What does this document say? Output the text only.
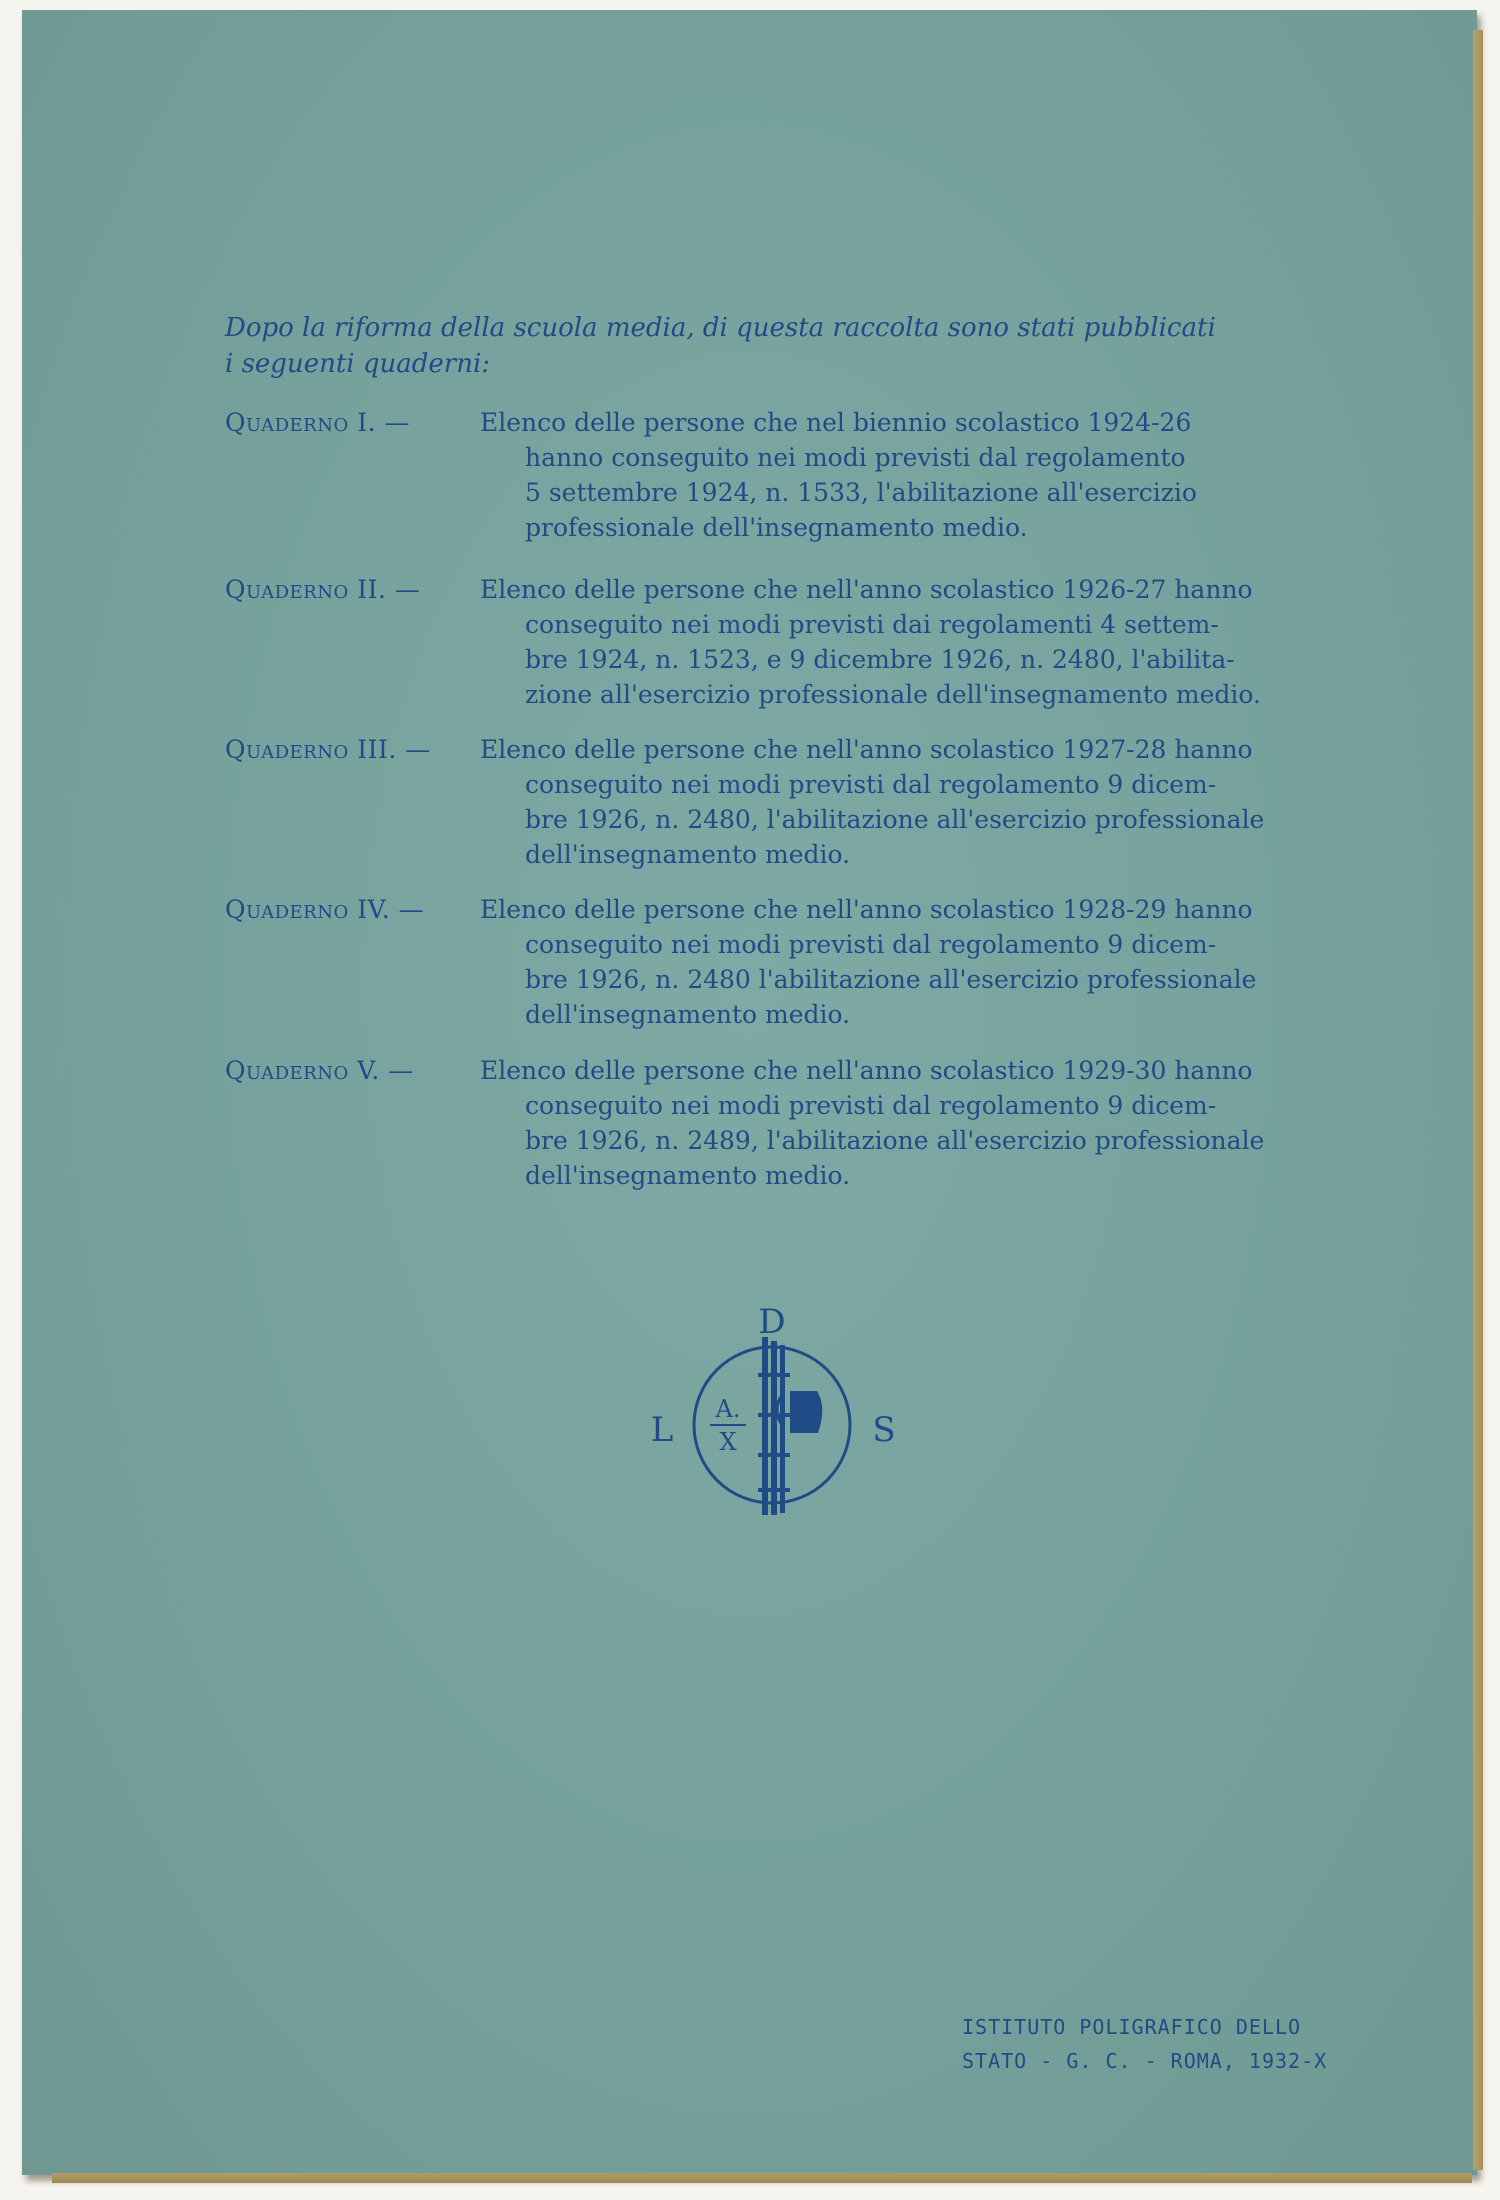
Dopo la riforma della scuola media, di questa raccolta sono stati pubblicati
i seguenti quaderni:
Quaderno I. —	Elenco delle persone che nel biennio scolastico 1924-26
hanno conseguito nei modi previsti dal regolamento
5 settembre 1924, n. 1533, l'abilitazione all'esercizio
professionale dell'insegnamento medio.
Quaderno II. —	Elenco delle persone che nell'anno scolastico 1926-27 hanno
conseguito nei modi previsti dai regolamenti 4 settem-
bre 1924, n. 1523, e 9 dicembre 1926, n. 2480, l'abilita-
zione all'esercizio professionale dell'insegnamento medio.
Quaderno III. —	Elenco delle persone che nell'anno scolastico 1927-28 hanno
conseguito nei modi previsti dal regolamento 9 dicem-
bre 1926, n. 2480, l'abilitazione all'esercizio professionale
dell'insegnamento medio.
Quaderno IV. —	Elenco delle persone che nell'anno scolastico 1928-29 hanno
conseguito nei modi previsti dal regolamento 9 dicem-
bre 1926, n. 2480 l'abilitazione all'esercizio professionale
dell'insegnamento medio.
Quaderno V. —	Elenco delle persone che nell'anno scolastico 1929-30 hanno
conseguito nei modi previsti dal regolamento 9 dicem-
bre 1926, n. 2489, l'abilitazione all'esercizio professionale
dell'insegnamento medio.
D
L	S
A.
X
ISTITUTO POLIGRAFICO DELLO
STATO - G. C. - ROMA, 1932-X
